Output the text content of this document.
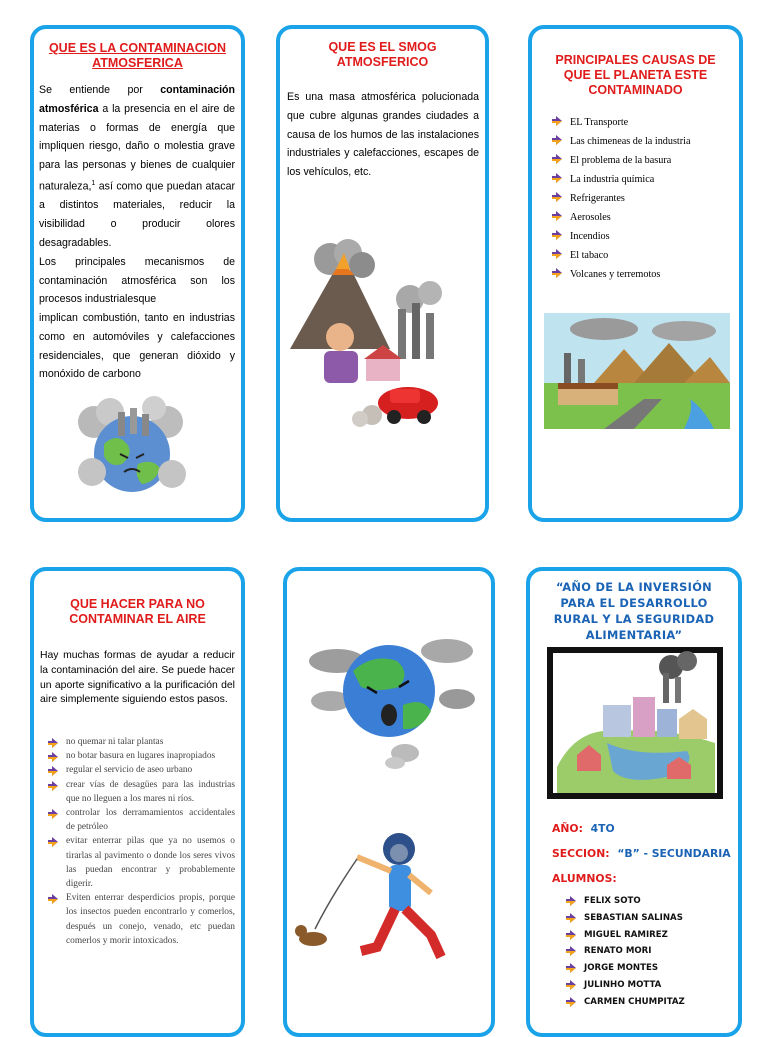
QUE ES LA CONTAMINACION ATMOSFERICA
Se entiende por contaminación atmosférica a la presencia en el aire de materias o formas de energía que impliquen riesgo, daño o molestia grave para las personas y bienes de cualquier naturaleza,$^1$ así como que puedan atacar a distintos materiales, reducir la visibilidad o producir olores desagradables.
Los principales mecanismos de contaminación atmosférica son los procesos industrialesque
implican combustión, tanto en industrias como en automóviles y calefacciones residenciales, que generan dióxido y monóxido de carbono
QUE ES EL SMOG ATMOSFERICO
Es una masa atmosférica polucionada que cubre algunas grandes ciudades a causa de los humos de las instalaciones industriales y calefacciones, escapes de los vehículos, etc.
PRINCIPALES CAUSAS DE QUE EL PLANETA ESTE CONTAMINADO
EL Transporte
Las chimeneas de la industria
El problema de la basura
La industria química
Refrigerantes
Aerosoles
Incendios
El tabaco
Volcanes y terremotos
QUE HACER PARA NO CONTAMINAR EL AIRE
Hay muchas formas de ayudar a reducir la contaminación del aire. Se puede hacer un aporte significativo a la purificación del aire simplemente siguiendo estos pasos.
no quemar ni talar plantas
no botar basura en lugares inapropiados
regular el servicio de aseo urbano
crear vías de desagües para las industrias que no lleguen a los mares ni ríos.
controlar los derramamientos accidentales de petróleo
evitar enterrar pilas que ya no usemos o tirarlas al pavimento o donde los seres vivos las puedan encontrar y probablemente digerir.
Eviten enterrar desperdicios propis, porque los insectos pueden encontrarlo y comerlos, después un conejo, venado, etc puedan comerlos y morir intoxicados.
“AÑO DE LA INVERSIÓN PARA EL DESARROLLO RURAL Y LA SEGURIDAD ALIMENTARIA”
AÑO: 4TO
SECCION: “B” - SECUNDARIA
ALUMNOS:
FELIX SOTO
SEBASTIAN SALINAS
MIGUEL RAMIREZ
RENATO MORI
JORGE MONTES
JULINHO MOTTA
CARMEN CHUMPITAZ
